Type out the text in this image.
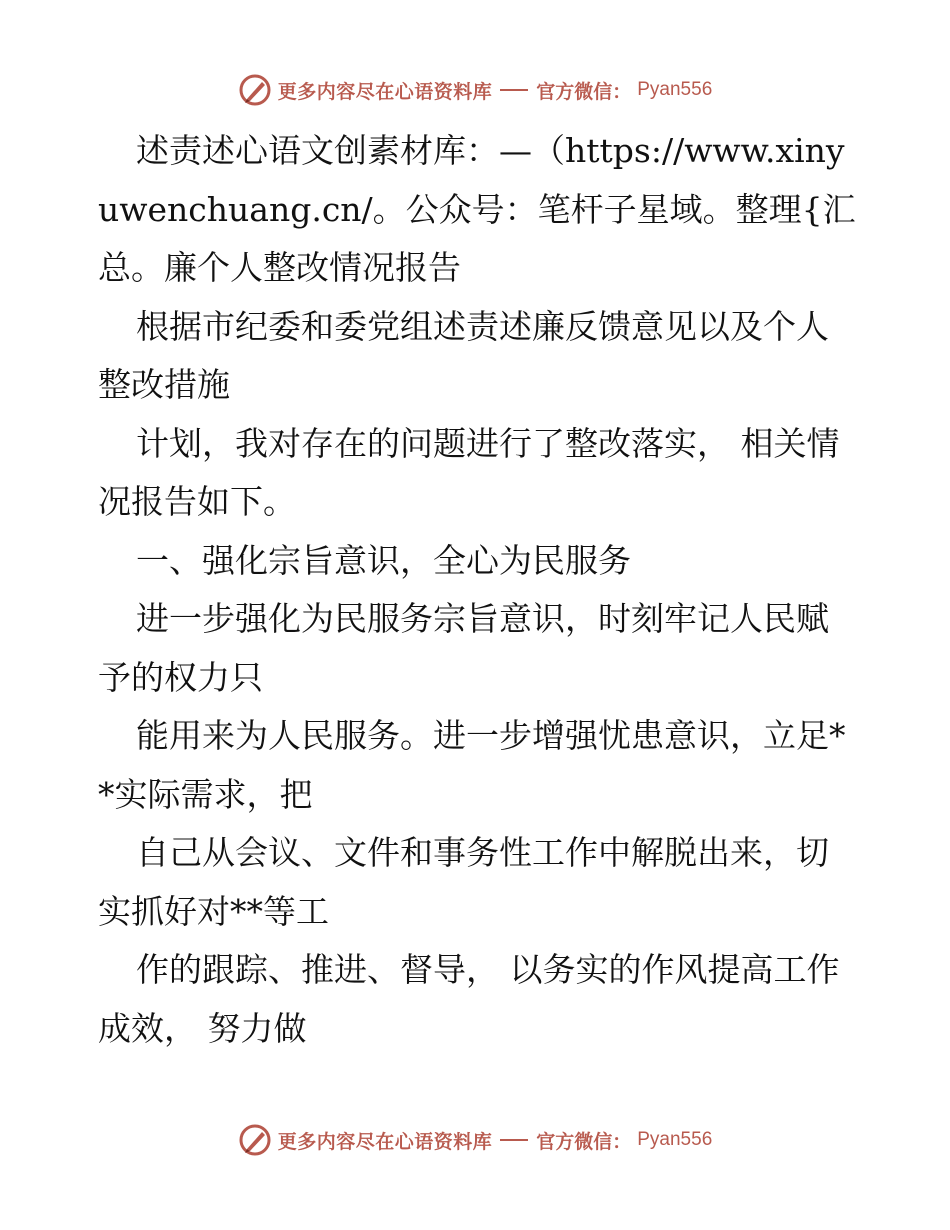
更多内容尽在心语资料库 官方微信： Pyan556

述责述心语文创素材库：—（https://www.xinyuwenchuang.cn/。公众号：笔杆子星域。整理{汇总。廉个人整改情况报告

根据市纪委和委党组述责述廉反馈意见以及个人整改措施

计划，我对存在的问题进行了整改落实， 相关情况报告如下。

一、强化宗旨意识，全心为民服务

进一步强化为民服务宗旨意识，时刻牢记人民赋予的权力只

能用来为人民服务。进一步增强忧患意识，立足**实际需求，把

自己从会议、文件和事务性工作中解脱出来，切实抓好对**等工

作的跟踪、推进、督导， 以务实的作风提高工作成效， 努力做

更多内容尽在心语资料库 官方微信： Pyan556
